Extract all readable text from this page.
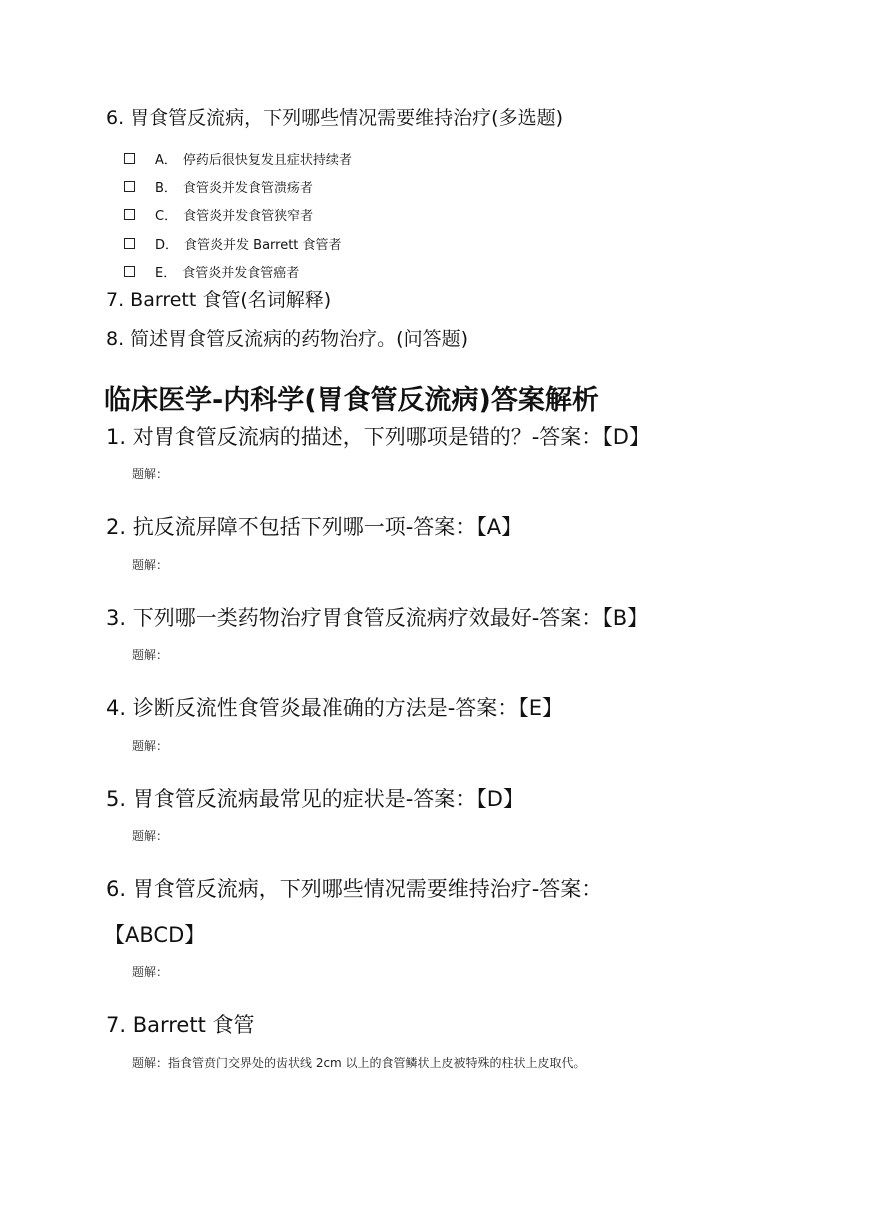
6. 胃食管反流病，下列哪些情况需要维持治疗(多选题)
A． 停药后很快复发且症状持续者
B． 食管炎并发食管溃疡者
C． 食管炎并发食管狭窄者
D． 食管炎并发 Barrett 食管者
E． 食管炎并发食管癌者
7. Barrett 食管(名词解释)
8. 简述胃食管反流病的药物治疗。(问答题)
临床医学-内科学(胃食管反流病)答案解析
1. 对胃食管反流病的描述，下列哪项是错的？-答案：【D】
题解：
2. 抗反流屏障不包括下列哪一项-答案：【A】
题解：
3. 下列哪一类药物治疗胃食管反流病疗效最好-答案：【B】
题解：
4. 诊断反流性食管炎最准确的方法是-答案：【E】
题解：
5. 胃食管反流病最常见的症状是-答案：【D】
题解：
6. 胃食管反流病，下列哪些情况需要维持治疗-答案：
【ABCD】
题解：
7. Barrett 食管
题解：指食管贲门交界处的齿状线 2cm 以上的食管鳞状上皮被特殊的柱状上皮取代。
